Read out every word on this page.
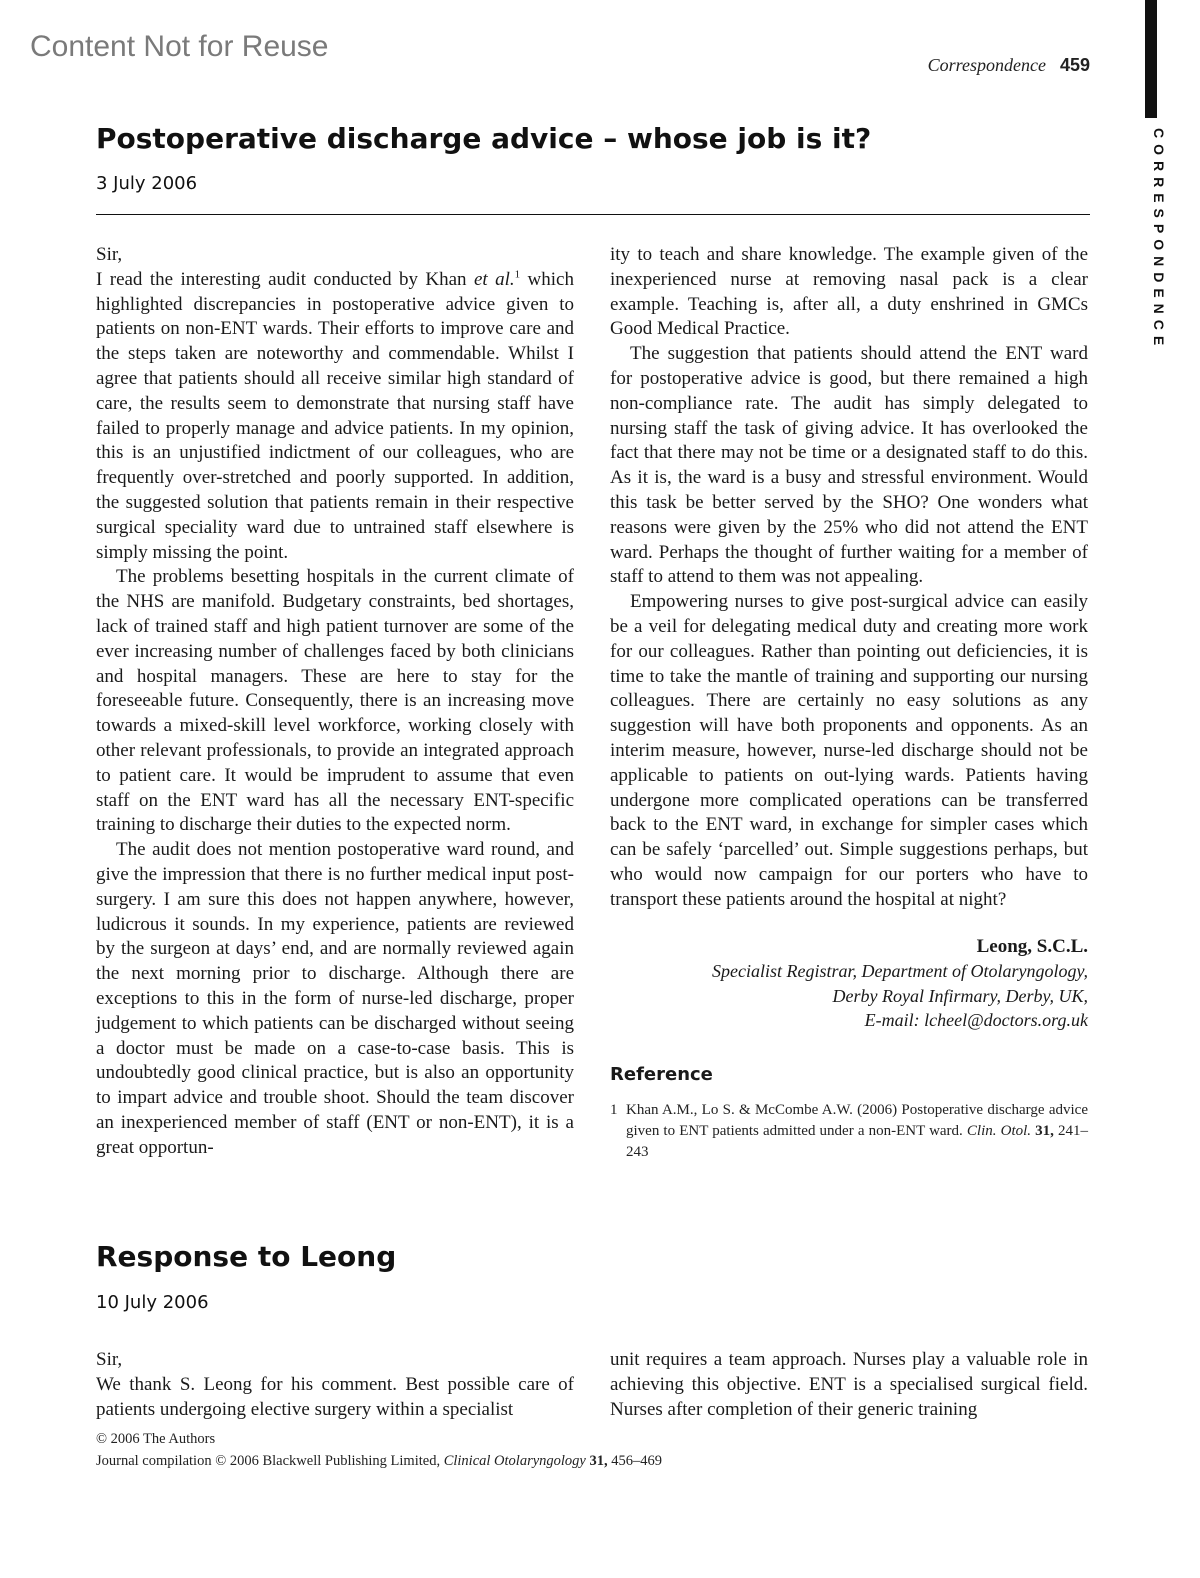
Content Not for Reuse
Correspondence 459
CORRESPONDENCE
Postoperative discharge advice – whose job is it?
3 July 2006

Sir,

I read the interesting audit conducted by Khan et al.$^1$ which highlighted discrepancies in postoperative advice given to patients on non-ENT wards. Their efforts to improve care and the steps taken are noteworthy and commendable. Whilst I agree that patients should all receive similar high standard of care, the results seem to demonstrate that nursing staff have failed to properly manage and advice patients. In my opinion, this is an unjustified indictment of our colleagues, who are frequently over-stretched and poorly supported. In addition, the suggested solution that patients remain in their respective surgical speciality ward due to untrained staff elsewhere is simply missing the point.

The problems besetting hospitals in the current climate of the NHS are manifold. Budgetary constraints, bed shortages, lack of trained staff and high patient turnover are some of the ever increasing number of challenges faced by both clinicians and hospital managers. These are here to stay for the foreseeable future. Consequently, there is an increasing move towards a mixed-skill level workforce, working closely with other relevant professionals, to provide an integrated approach to patient care. It would be imprudent to assume that even staff on the ENT ward has all the necessary ENT-specific training to discharge their duties to the expected norm.

The audit does not mention postoperative ward round, and give the impression that there is no further medical input post-surgery. I am sure this does not happen anywhere, however, ludicrous it sounds. In my experience, patients are reviewed by the surgeon at days’ end, and are normally reviewed again the next morning prior to discharge. Although there are exceptions to this in the form of nurse-led discharge, proper judgement to which patients can be discharged without seeing a doctor must be made on a case-to-case basis. This is undoubtedly good clinical practice, but is also an opportunity to impart advice and trouble shoot. Should the team discover an inexperienced member of staff (ENT or non-ENT), it is a great opportun-

ity to teach and share knowledge. The example given of the inexperienced nurse at removing nasal pack is a clear example. Teaching is, after all, a duty enshrined in GMCs Good Medical Practice.

The suggestion that patients should attend the ENT ward for postoperative advice is good, but there remained a high non-compliance rate. The audit has simply delegated to nursing staff the task of giving advice. It has overlooked the fact that there may not be time or a designated staff to do this. As it is, the ward is a busy and stressful environment. Would this task be better served by the SHO? One wonders what reasons were given by the 25% who did not attend the ENT ward. Perhaps the thought of further waiting for a member of staff to attend to them was not appealing.

Empowering nurses to give post-surgical advice can easily be a veil for delegating medical duty and creating more work for our colleagues. Rather than pointing out deficiencies, it is time to take the mantle of training and supporting our nursing colleagues. There are certainly no easy solutions as any suggestion will have both proponents and opponents. As an interim measure, however, nurse-led discharge should not be applicable to patients on out-lying wards. Patients having undergone more complicated operations can be transferred back to the ENT ward, in exchange for simpler cases which can be safely ‘parcelled’ out. Simple suggestions perhaps, but who would now campaign for our porters who have to transport these patients around the hospital at night?

Leong, S.C.L.
Specialist Registrar, Department of Otolaryngology,
Derby Royal Infirmary, Derby, UK,
E-mail: lcheel@doctors.org.uk
Reference
1 Khan A.M., Lo S. & McCombe A.W. (2006) Postoperative discharge advice given to ENT patients admitted under a non-ENT ward. Clin. Otol. 31, 241–243
Response to Leong
10 July 2006

Sir,

We thank S. Leong for his comment. Best possible care of patients undergoing elective surgery within a specialist

unit requires a team approach. Nurses play a valuable role in achieving this objective. ENT is a specialised surgical field. Nurses after completion of their generic training

© 2006 The Authors
Journal compilation © 2006 Blackwell Publishing Limited, Clinical Otolaryngology 31, 456–469
